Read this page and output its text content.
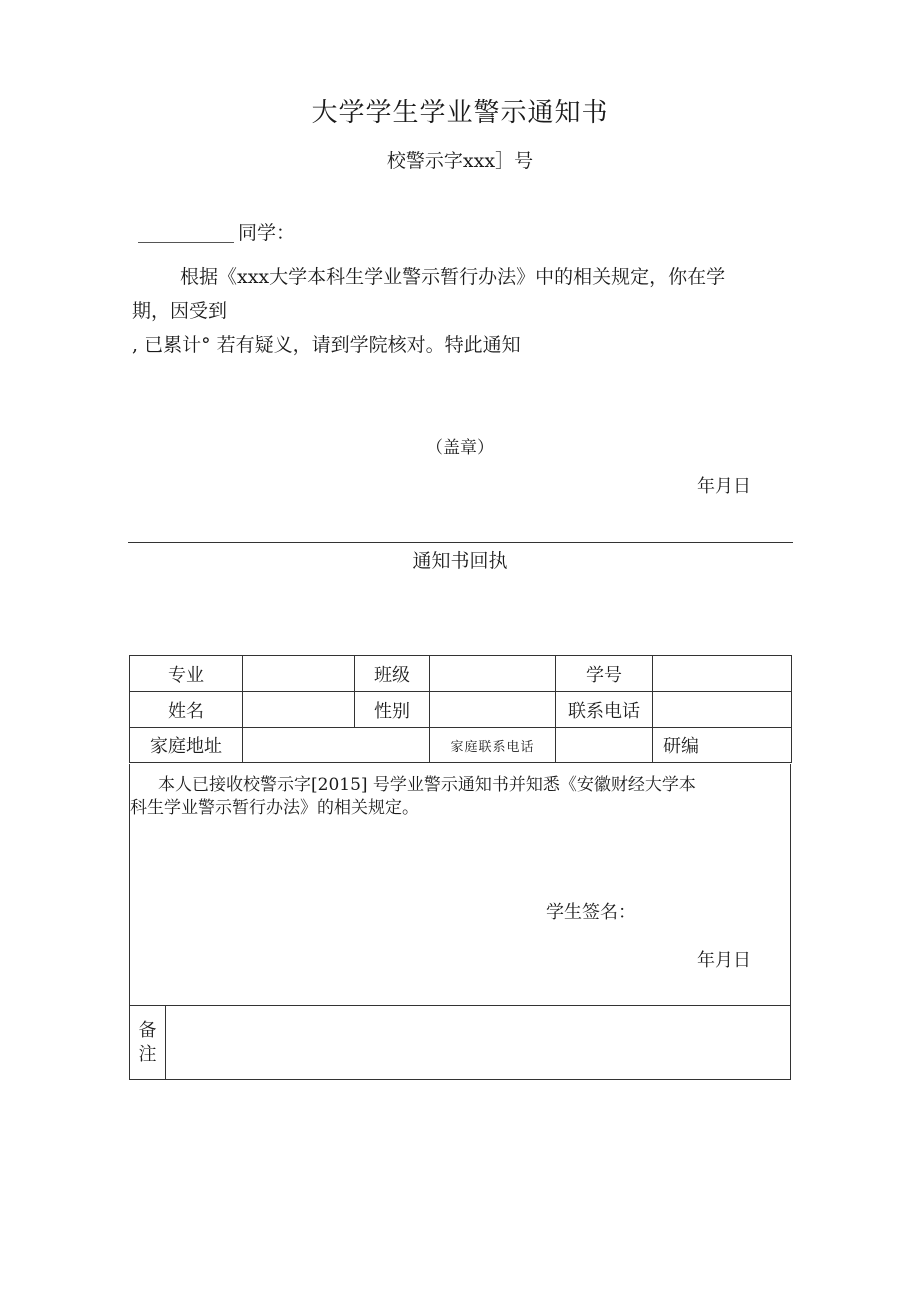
大学学生学业警示通知书
校警示字xxx］号
同学：
根据《xxx大学本科生学业警示暂行办法》中的相关规定，你在学
期，因受到
, 已累计° 若有疑义，请到学院核对。特此通知
（盖章）
年月日
通知书回执
专业		班级		学号	
姓名		性别		联系电话	
家庭地址			家庭联系电话		研编
本人已接收校警示字[2015] 号学业警示通知书并知悉《安徽财经大学本
科生学业警示暂行办法》的相关规定。
学生签名：
年月日
备
注
